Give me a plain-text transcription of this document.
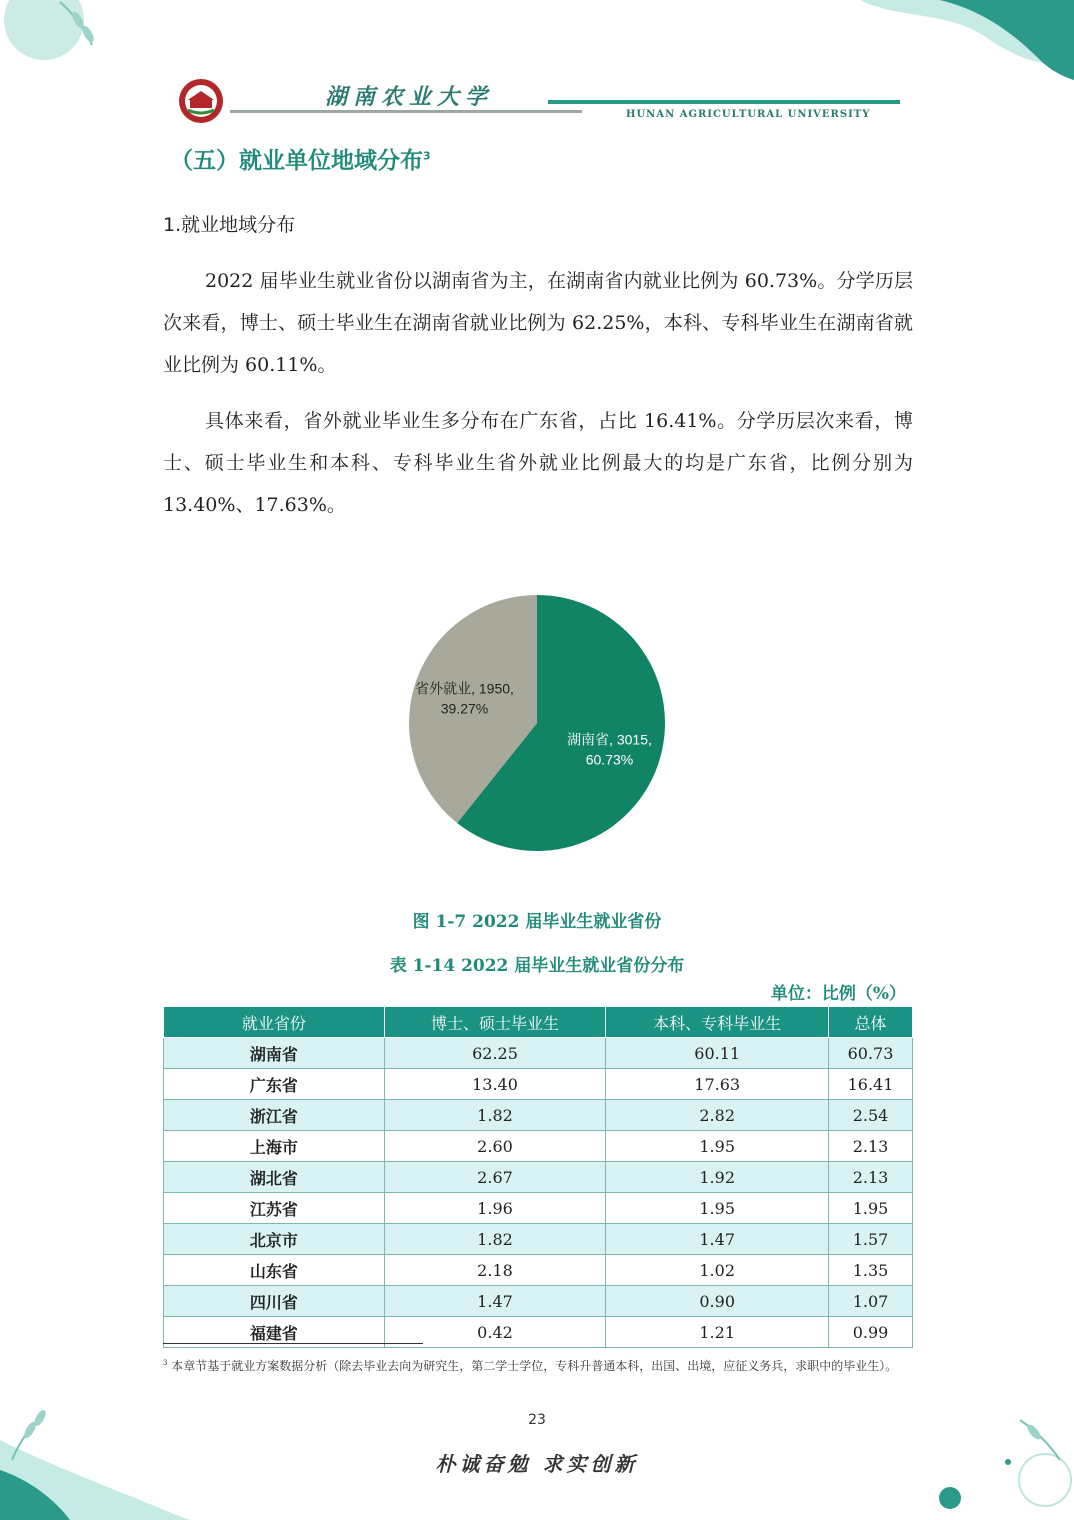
湖南农业大学
HUNAN AGRICULTURAL UNIVERSITY
（五）就业单位地域分布$^3$
1.就业地域分布
2022 届毕业生就业省份以湖南省为主，在湖南省内就业比例为 60.73%。分学历层次来看，博士、硕士毕业生在湖南省就业比例为 62.25%，本科、专科毕业生在湖南省就业比例为 60.11%。
具体来看，省外就业毕业生多分布在广东省，占比 16.41%。分学历层次来看，博士、硕士毕业生和本科、专科毕业生省外就业比例最大的均是广东省，比例分别为 13.40%、17.63%。
湖南省, 3015, 60.73%
省外就业, 1950, 39.27%
图 1-7 2022 届毕业生就业省份
表 1-14 2022 届毕业生就业省份分布
单位：比例（%）
就业省份	博士、硕士毕业生	本科、专科毕业生	总体
湖南省	62.25	60.11	60.73
广东省	13.40	17.63	16.41
浙江省	1.82	2.82	2.54
上海市	2.60	1.95	2.13
湖北省	2.67	1.92	2.13
江苏省	1.96	1.95	1.95
北京市	1.82	1.47	1.57
山东省	2.18	1.02	1.35
四川省	1.47	0.90	1.07
福建省	0.42	1.21	0.99
$^3$ 本章节基于就业方案数据分析（除去毕业去向为研究生，第二学士学位，专科升普通本科，出国、出境，应征义务兵，求职中的毕业生）。
23
朴诚奋勉 求实创新
